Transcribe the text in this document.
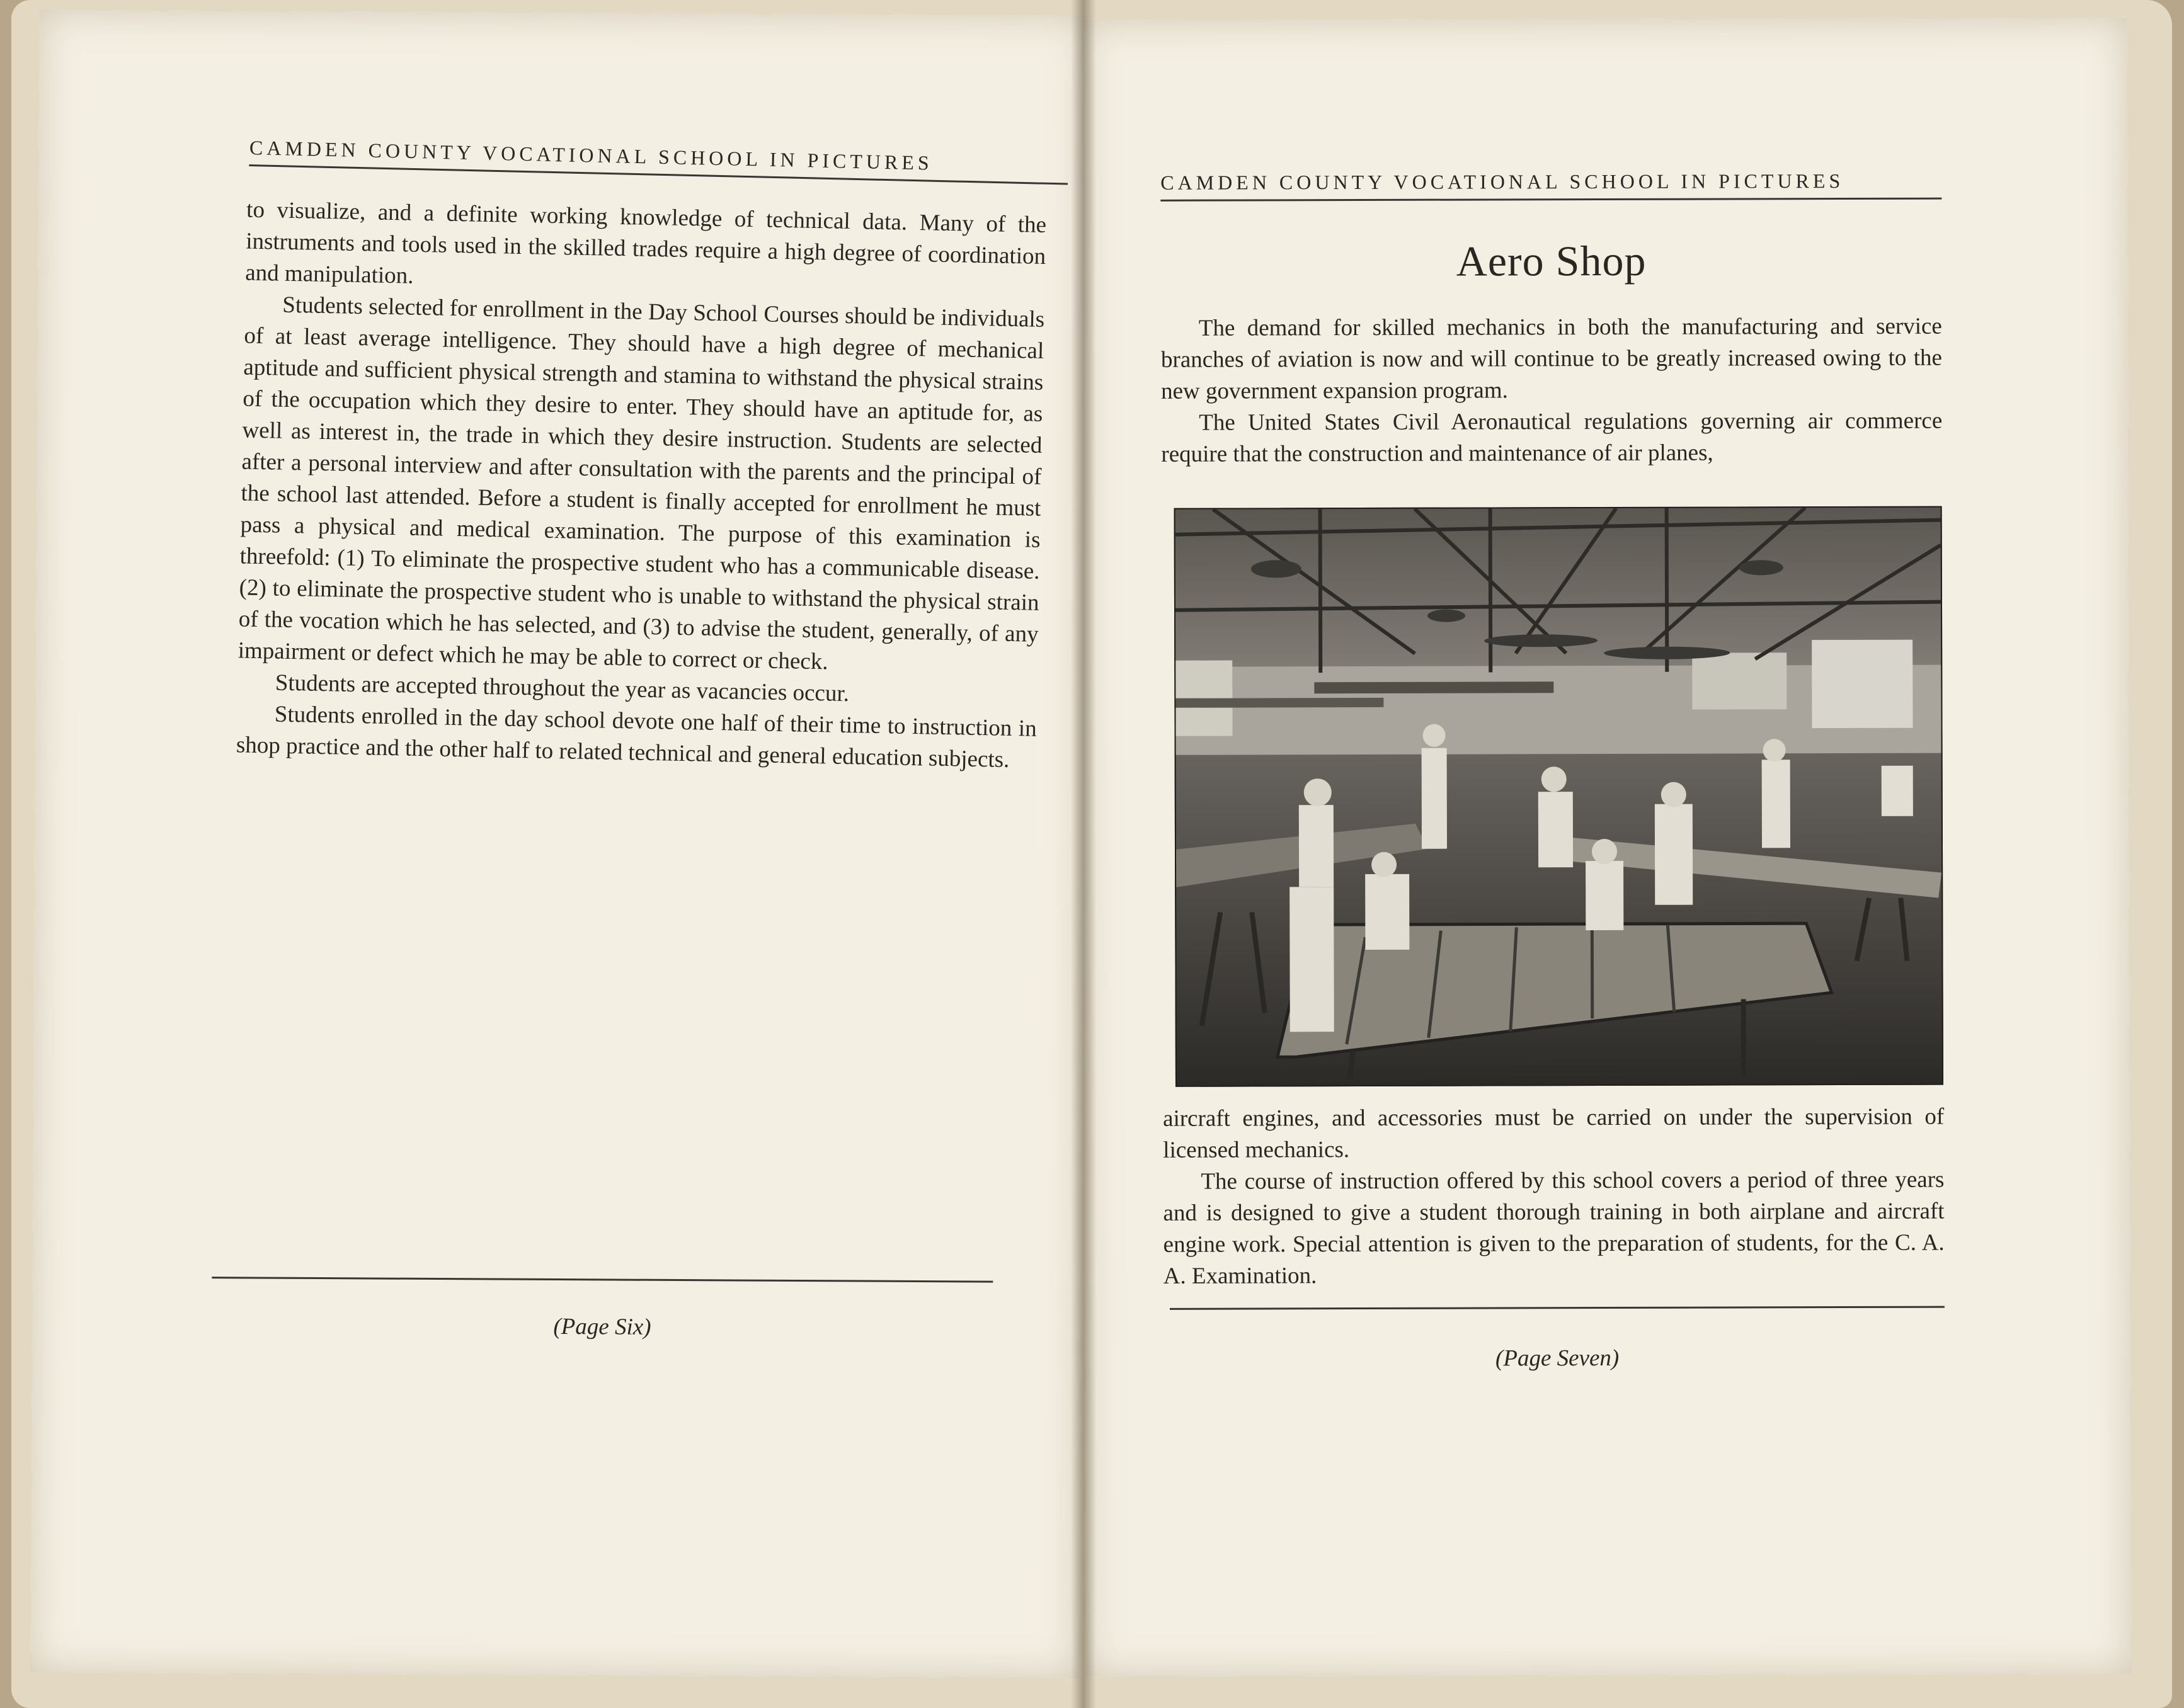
CAMDEN COUNTY VOCATIONAL SCHOOL IN PICTURES

to visualize, and a definite working knowledge of technical data. Many of the instruments and tools used in the skilled trades require a high degree of coordination and manipulation.

Students selected for enrollment in the Day School Courses should be individuals of at least average intelligence. They should have a high degree of mechanical aptitude and sufficient physical strength and stamina to withstand the physical strains of the occupation which they desire to enter. They should have an aptitude for, as well as interest in, the trade in which they desire instruction. Students are selected after a personal interview and after consultation with the parents and the principal of the school last attended. Before a student is finally accepted for enrollment he must pass a physical and medical examination. The purpose of this examination is threefold: (1) To eliminate the prospective student who has a communicable disease. (2) to eliminate the prospective student who is unable to withstand the physical strain of the vocation which he has selected, and (3) to advise the student, generally, of any impairment or defect which he may be able to correct or check.

Students are accepted throughout the year as vacancies occur.

Students enrolled in the day school devote one half of their time to instruction in shop practice and the other half to related technical and general education subjects.

(Page Six)
CAMDEN COUNTY VOCATIONAL SCHOOL IN PICTURES
Aero Shop

The demand for skilled mechanics in both the manufacturing and service branches of aviation is now and will continue to be greatly increased owing to the new government expansion program.

The United States Civil Aeronautical regulations governing air commerce require that the construction and maintenance of air planes,

aircraft engines, and accessories must be carried on under the supervision of licensed mechanics.

The course of instruction offered by this school covers a period of three years and is designed to give a student thorough training in both airplane and aircraft engine work. Special attention is given to the preparation of students, for the C. A. A. Examination.

(Page Seven)
